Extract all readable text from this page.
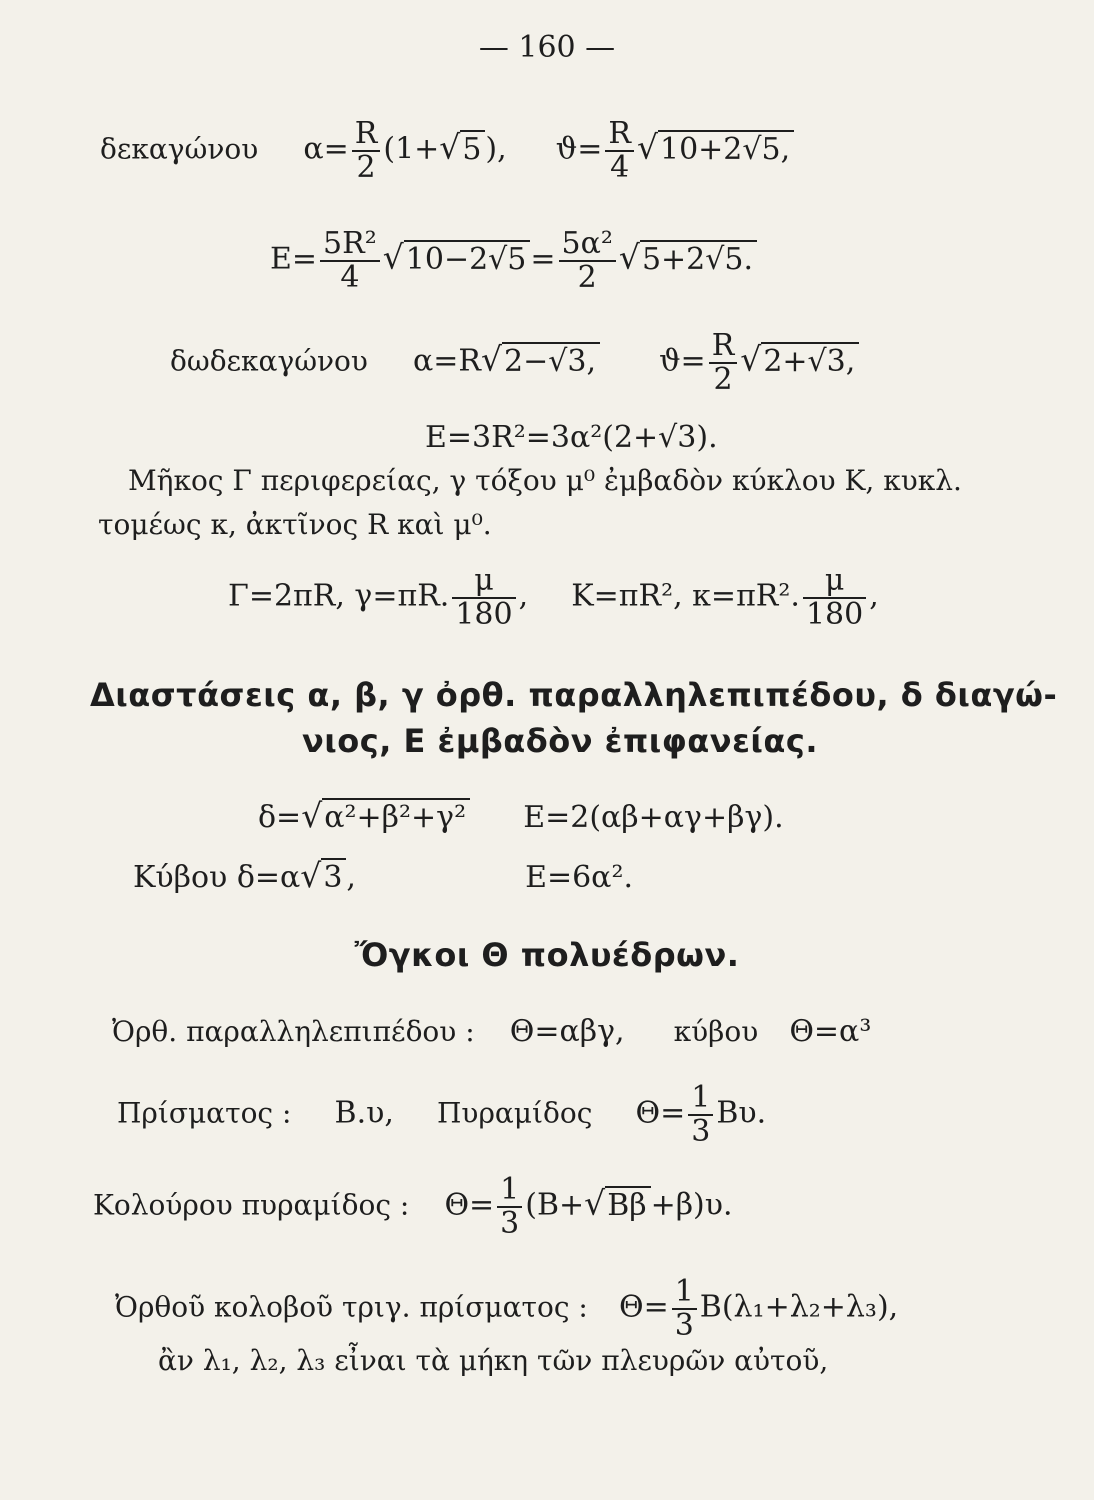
— 160 —
δεκαγώνου $\alpha= \frac{R}{2} (1+√5$ ), $ϑ= \frac{R}{4} √10+2√5$,
$E= \frac{\text{5R²}}{4} √10-2√5 = \frac{\text{5α²}}{2} √5+2√5$.
δωδεκαγώνου α=R√2−√3, $ϑ= \frac{R}{2} √2+√3$,
E=3R²=3α²(2+√3).
Μῆκος Γ περιφερείας, γ τόξου μ⁰ ἐμβαδὸν κύκλου Κ, κυκλ.
τομέως κ, ἀκτῖνος R καὶ μ⁰.
Γ=2πR, γ=πR. $\frac{\mu}{180}$ , K=πR², κ=πR². $\frac{\mu}{180}$ ,
Διαστάσεις α, β, γ ὀρθ. παραλληλεπιπέδου, δ διαγώ-
νιος, Ε ἐμβαδὸν ἐπιφανείας.
δ=√α²+β²+γ² E=2(αβ+αγ+βγ).
Κύβου δ=α√3 ,	E=6α².
Ὄγκοι Θ πολυέδρων.
Ὀρθ. παραλληλεπιπέδου : Θ=αβγ, κύβου Θ=α³
Πρίσματος : B.υ, Πυραμίδος $\Theta= \frac{1}{3} B\upsilon$.
Κολούρου πυραμίδος : $\Theta= \frac{1}{3} (B+√B\beta +\beta)\upsilon$.
Ὀρθοῦ κολοβοῦ τριγ. πρίσματος : $\Theta= \frac{1}{3} B(\lambda_1+\lambda_2+\lambda_3)$,
ἂν λ₁, λ₂, λ₃ εἶναι τὰ μήκη τῶν πλευρῶν αὐτοῦ,
